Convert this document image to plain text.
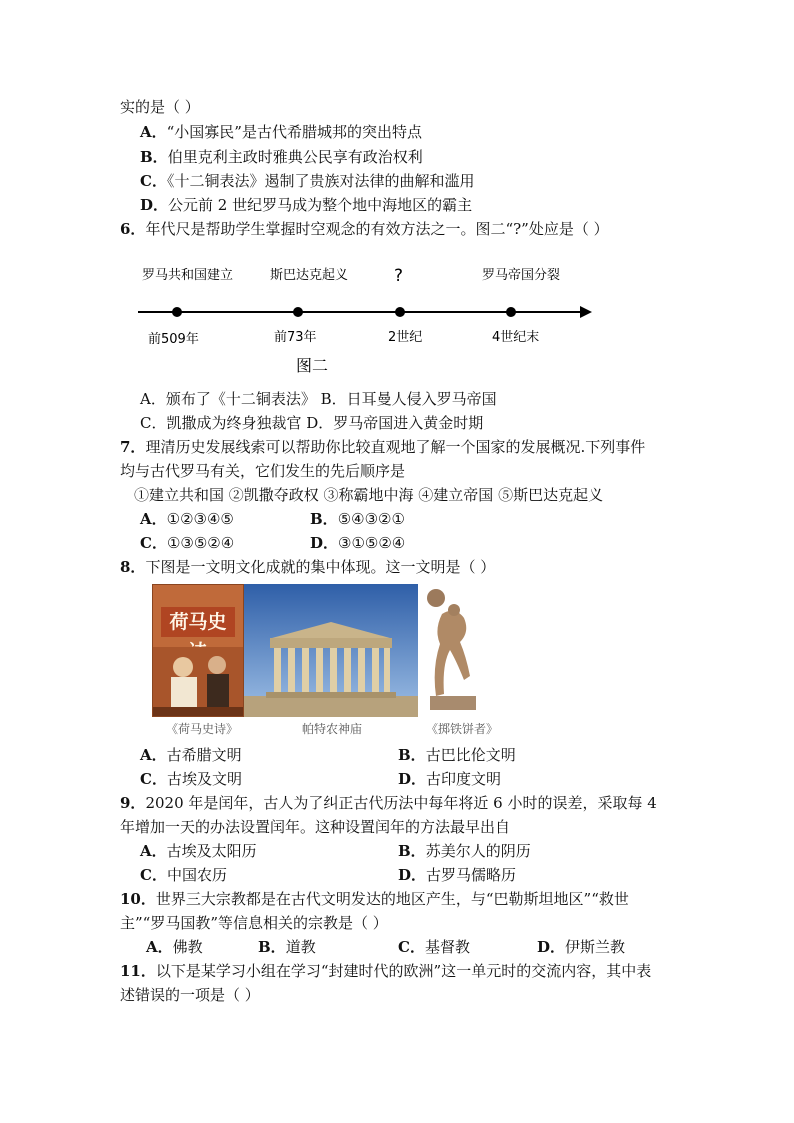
实的是（ ）
A．“小国寡民”是古代希腊城邦的突出特点
B．伯里克利主政时雅典公民享有政治权利
C．《十二铜表法》遏制了贵族对法律的曲解和滥用
D．公元前 2 世纪罗马成为整个地中海地区的霸主
6．年代尺是帮助学生掌握时空观念的有效方法之一。图二“?”处应是（ ）
罗马共和国建立	斯巴达克起义	?	罗马帝国分裂
前509年	前73年	2世纪	4世纪末
图二
A．颁布了《十二铜表法》 B．日耳曼人侵入罗马帝国
C．凯撒成为终身独裁官 D．罗马帝国进入黄金时期
7．理清历史发展线索可以帮助你比较直观地了解一个国家的发展概况.下列事件
均与古代罗马有关，它们发生的先后顺序是
①建立共和国 ②凯撒夺政权 ③称霸地中海 ④建立帝国 ⑤斯巴达克起义
A．①②③④⑤	B．⑤④③②①
C．①③⑤②④	D．③①⑤②④
8．下图是一文明文化成就的集中体现。这一文明是（ ）
荷马史
《荷马史诗》	帕特农神庙	《掷铁饼者》
A．古希腊文明	B．古巴比伦文明
C．古埃及文明	D．古印度文明
9．2020 年是闰年，古人为了纠正古代历法中每年将近 6 小时的误差，采取每 4
年增加一天的办法设置闰年。这种设置闰年的方法最早出自
A．古埃及太阳历	B．苏美尔人的阴历
C．中国农历	D．古罗马儒略历
10．世界三大宗教都是在古代文明发达的地区产生，与“巴勒斯坦地区”“救世
主”“罗马国教”等信息相关的宗教是（ ）
A．佛教	B．道教	C．基督教	D．伊斯兰教
11．以下是某学习小组在学习“封建时代的欧洲”这一单元时的交流内容，其中表
述错误的一项是（ ）
